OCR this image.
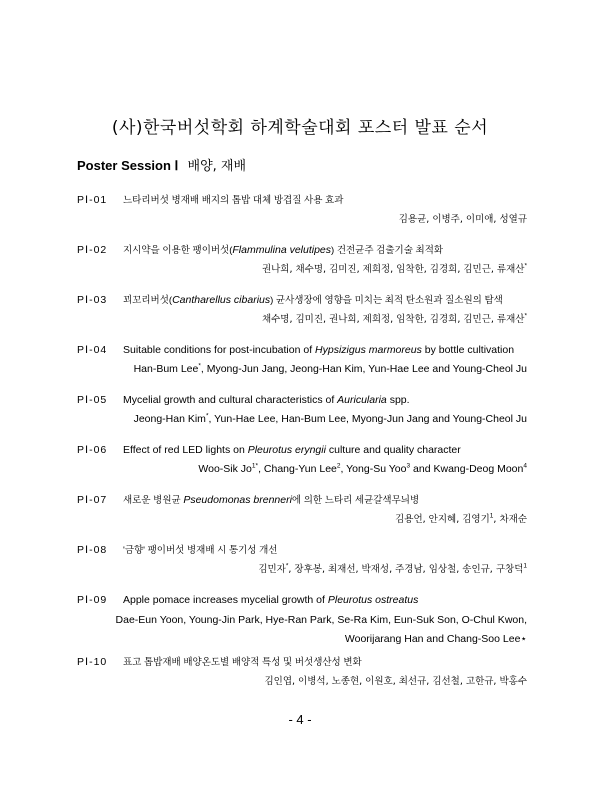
(사)한국버섯학회 하계학술대회 포스터 발표 순서
Poster Session Ⅰ 배양, 재배
PⅠ-01 느타리버섯 병재배 배지의 톱밥 대체 방겹질 사용 효과
김용균, 이병주, 이미애, 성열규
PⅠ-02 지시약을 이용한 팽이버섯(Flammulina velutipes) 건전균주 검출기술 최적화
권나희, 채수명, 김미진, 제희정, 임착한, 김경희, 김민근, 류재산*
PⅠ-03 꾀꼬리버섯(Cantharellus cibarius) 균사생장에 영향을 미치는 최적 탄소원과 질소원의 탐색
채수명, 김미진, 권나희, 제희정, 임착한, 김경희, 김민근, 류재산*
PⅠ-04 Suitable conditions for post-incubation of Hypsizigus marmoreus by bottle cultivation
Han-Bum Lee*, Myong-Jun Jang, Jeong-Han Kim, Yun-Hae Lee and Young-Cheol Ju
PⅠ-05 Mycelial growth and cultural characteristics of Auricularia spp.
Jeong-Han Kim*, Yun-Hae Lee, Han-Bum Lee, Myong-Jun Jang and Young-Cheol Ju
PⅠ-06 Effect of red LED lights on Pleurotus eryngii culture and quality character
Woo-Sik $Jo^{1*}$, Chang-Yun Lee$^2$, Yong-Su Yoo$^3$ and Kwang-Deog Moon$^4$
PⅠ-07 새로운 병원균 Pseudomonas brenneri에 의한 느타리 세균갈색무늬병
김용언, 안지혜, 김영기$^1$, 차재순
PⅠ-08 '금향' 팽이버섯 병재배 시 통기성 개선
김민자*, 장후봉, 최재선, 박재성, 주경남, 임상철, 송인규, 구창덕$^1$
PⅠ-09 Apple pomace increases mycelial growth of Pleurotus ostreatus
Dae-Eun Yoon, Young-Jin Park, Hye-Ran Park, Se-Ra Kim, Eun-Suk Son, O-Chul Kwon,
Woorijarang Han and Chang-Soo Lee⋆
PⅠ-10 표고 톱밥재배 배양온도별 배양적 특성 및 버섯생산성 변화
김인엽, 이병석, 노종현, 이원호, 최선규, 김선철, 고한규, 박홍수
- 4 -
